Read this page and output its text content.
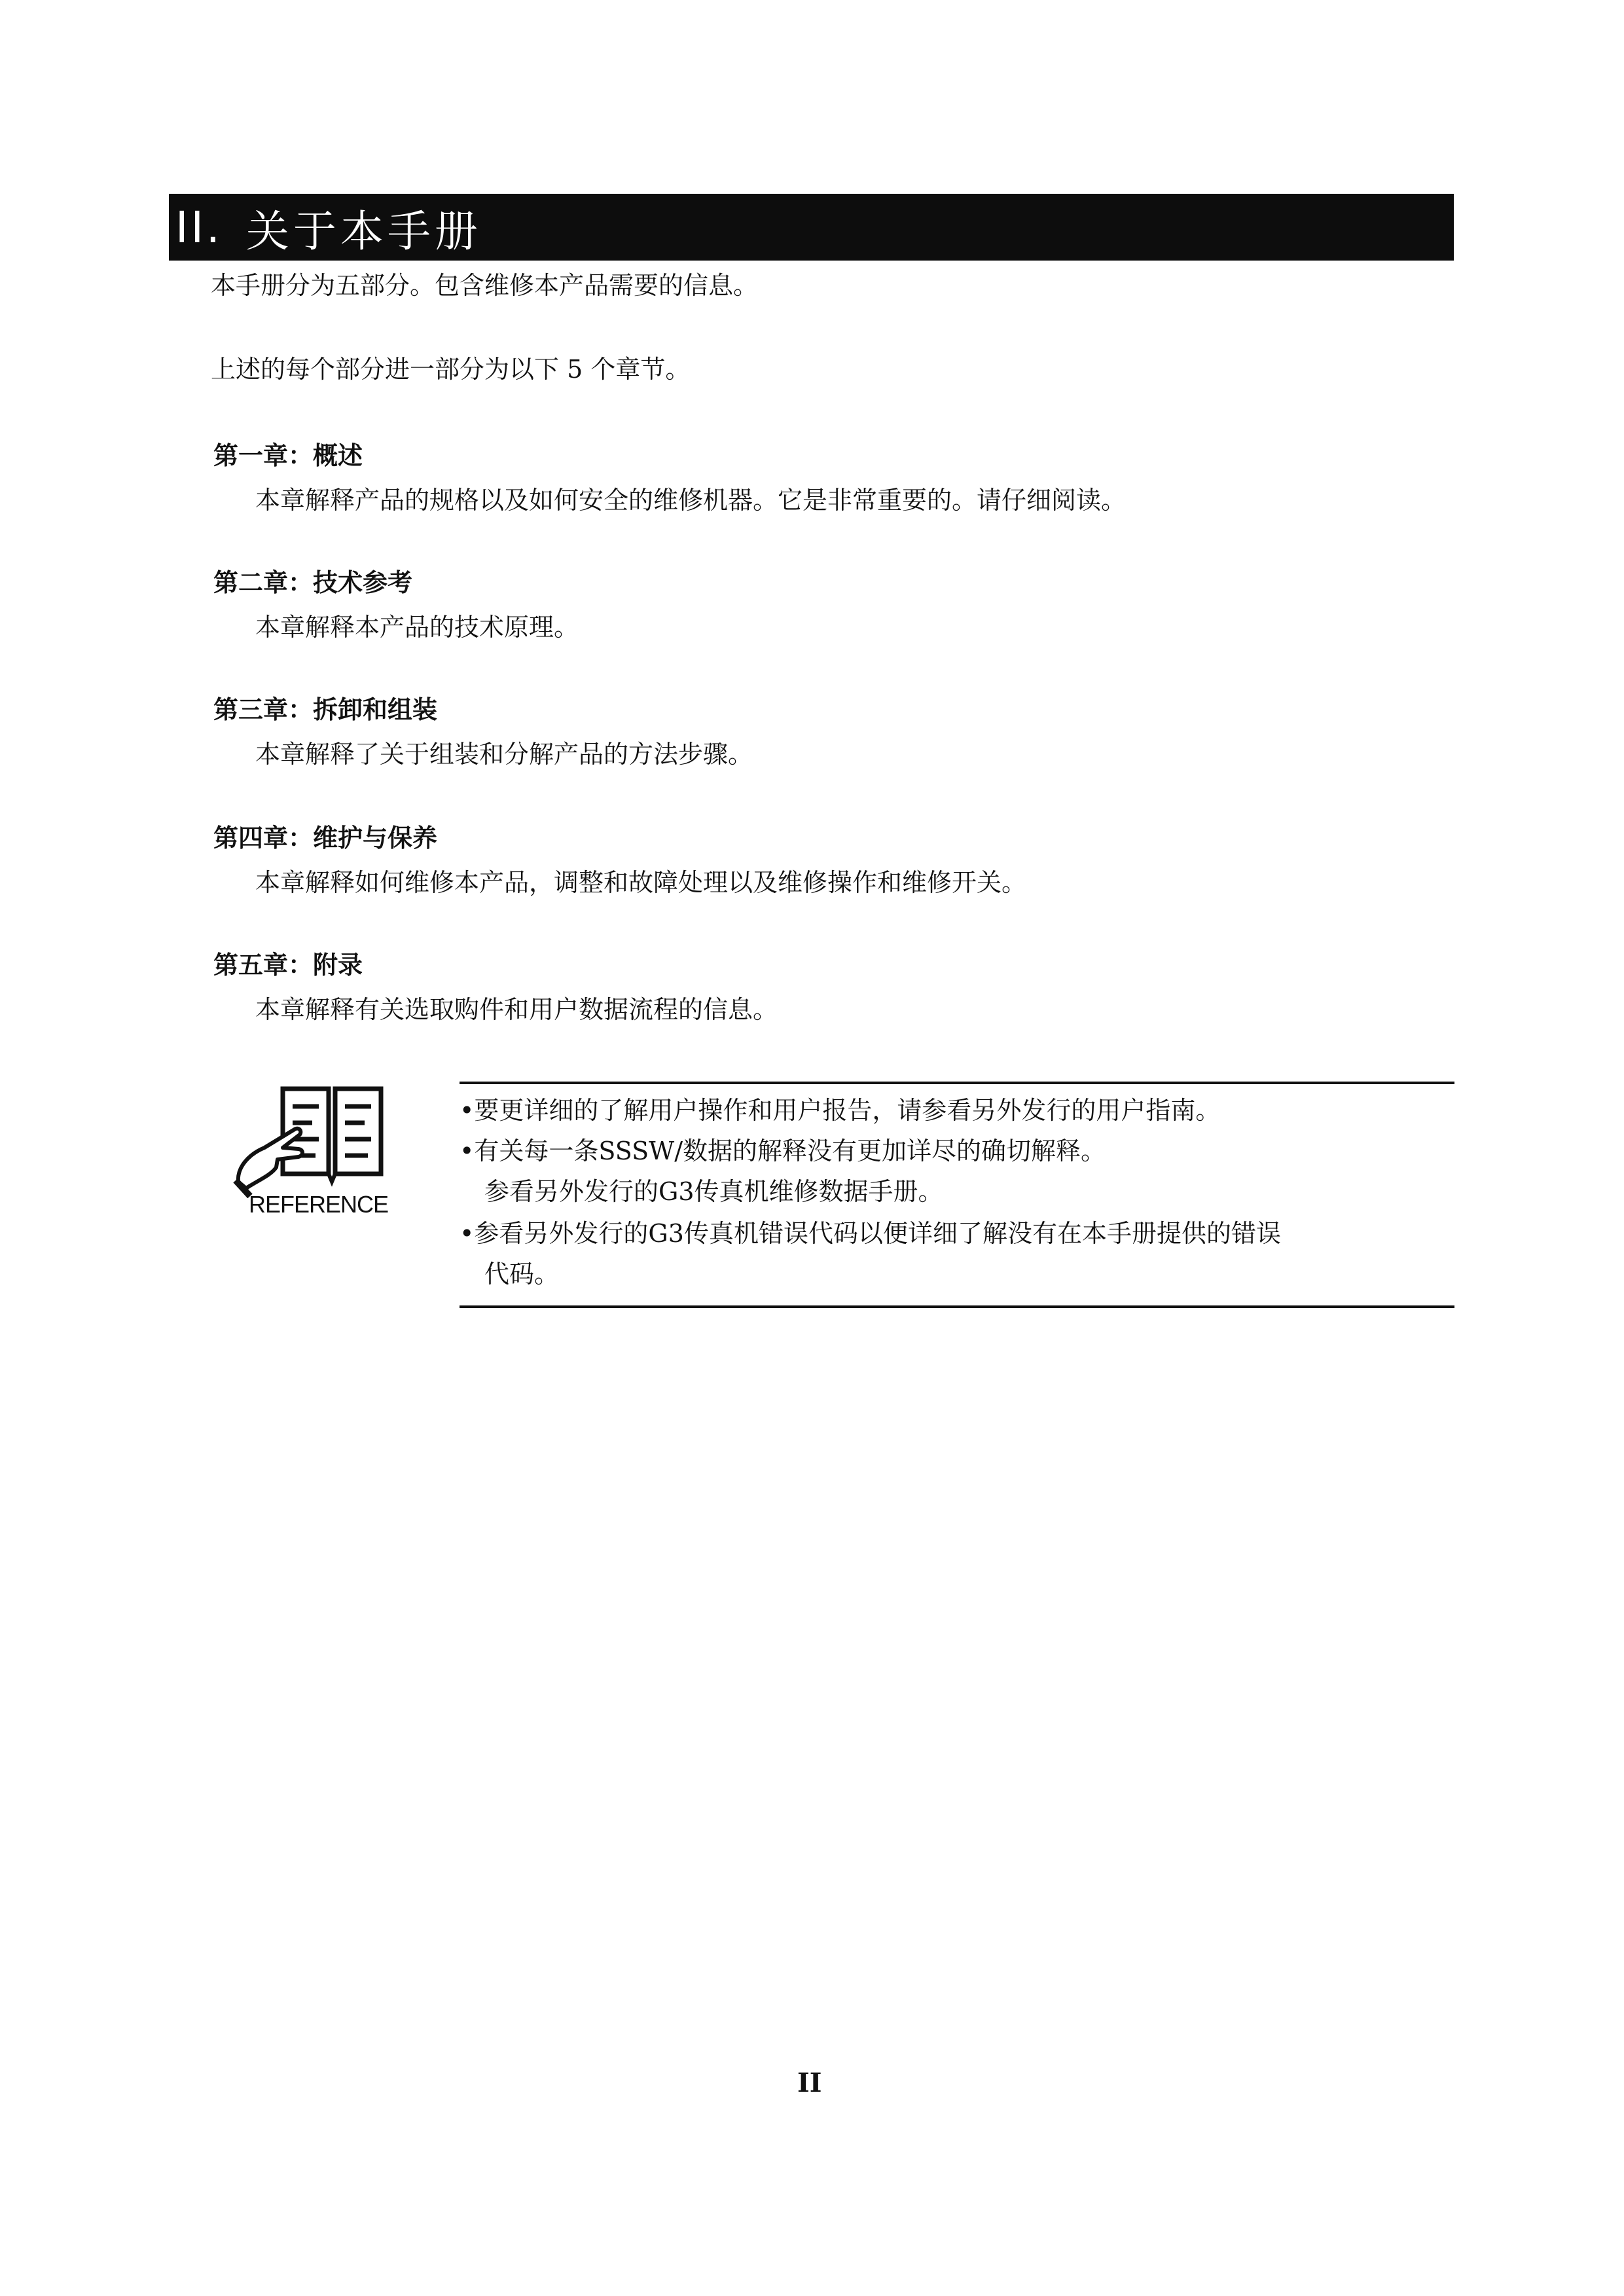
II. 关于本手册
本手册分为五部分。包含维修本产品需要的信息。
上述的每个部分进一部分为以下 5 个章节。
第一章：概述
本章解释产品的规格以及如何安全的维修机器。它是非常重要的。请仔细阅读。
第二章：技术参考
本章解释本产品的技术原理。
第三章：拆卸和组装
本章解释了关于组装和分解产品的方法步骤。
第四章：维护与保养
本章解释如何维修本产品，调整和故障处理以及维修操作和维修开关。
第五章：附录
本章解释有关选取购件和用户数据流程的信息。
REFERENCE
•要更详细的了解用户操作和用户报告，请参看另外发行的用户指南。
•有关每一条SSSW/数据的解释没有更加详尽的确切解释。
参看另外发行的G3传真机维修数据手册。
•参看另外发行的G3传真机错误代码以便详细了解没有在本手册提供的错误
代码。
II
